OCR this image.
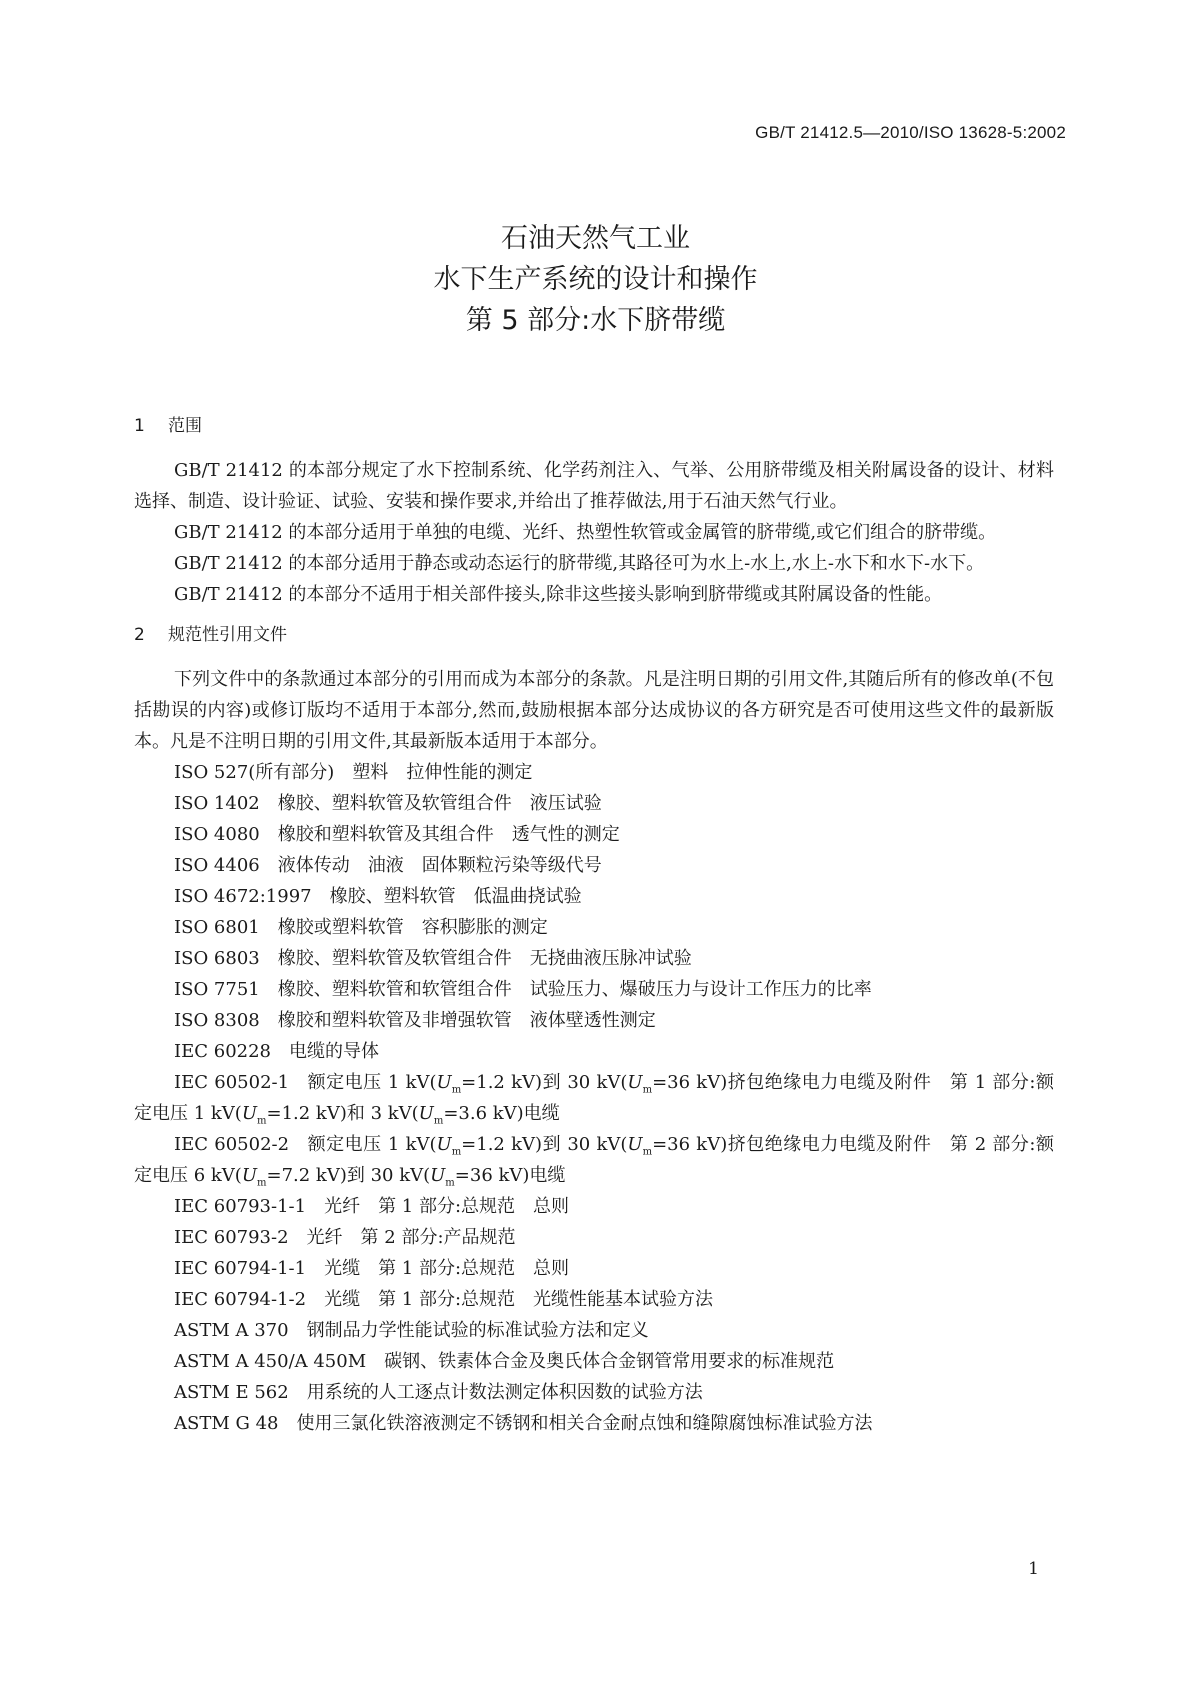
GB/T 21412.5—2010/ISO 13628-5:2002
石油天然气工业
水下生产系统的设计和操作
第 5 部分:水下脐带缆
1 范围

GB/T 21412 的本部分规定了水下控制系统、化学药剂注入、气举、公用脐带缆及相关附属设备的设计、材料选择、制造、设计验证、试验、安装和操作要求,并给出了推荐做法,用于石油天然气行业。

GB/T 21412 的本部分适用于单独的电缆、光纤、热塑性软管或金属管的脐带缆,或它们组合的脐带缆。

GB/T 21412 的本部分适用于静态或动态运行的脐带缆,其路径可为水上-水上,水上-水下和水下-水下。

GB/T 21412 的本部分不适用于相关部件接头,除非这些接头影响到脐带缆或其附属设备的性能。

2 规范性引用文件

下列文件中的条款通过本部分的引用而成为本部分的条款。凡是注明日期的引用文件,其随后所有的修改单(不包括勘误的内容)或修订版均不适用于本部分,然而,鼓励根据本部分达成协议的各方研究是否可使用这些文件的最新版本。凡是不注明日期的引用文件,其最新版本适用于本部分。

ISO 527(所有部分) 塑料　拉伸性能的测定
ISO 1402 橡胶、塑料软管及软管组合件　液压试验
ISO 4080 橡胶和塑料软管及其组合件　透气性的测定
ISO 4406 液体传动　油液　固体颗粒污染等级代号
ISO 4672:1997 橡胶、塑料软管　低温曲挠试验
ISO 6801 橡胶或塑料软管　容积膨胀的测定
ISO 6803 橡胶、塑料软管及软管组合件　无挠曲液压脉冲试验
ISO 7751 橡胶、塑料软管和软管组合件　试验压力、爆破压力与设计工作压力的比率
ISO 8308 橡胶和塑料软管及非增强软管　液体壁透性测定
IEC 60228 电缆的导体
IEC 60502-1 额定电压 1 $kV(U_m=1.2$ kV)到 30 $kV(U_m=36$ kV)挤包绝缘电力电缆及附件　第 1 部分:额定电压 1 $kV(U_m=1.2$ kV)和 3 $kV(U_m=3.6$ kV)电缆
IEC 60502-2 额定电压 1 $kV(U_m=1.2$ kV)到 30 $kV(U_m=36$ kV)挤包绝缘电力电缆及附件　第 2 部分:额定电压 6 $kV(U_m=7.2$ kV)到 30 $kV(U_m=36$ kV)电缆
IEC 60793-1-1 光纤　第 1 部分:总规范　总则
IEC 60793-2 光纤　第 2 部分:产品规范
IEC 60794-1-1 光缆　第 1 部分:总规范　总则
IEC 60794-1-2 光缆　第 1 部分:总规范　光缆性能基本试验方法
ASTM A 370 钢制品力学性能试验的标准试验方法和定义
ASTM A 450/A 450M 碳钢、铁素体合金及奥氏体合金钢管常用要求的标准规范
ASTM E 562 用系统的人工逐点计数法测定体积因数的试验方法
ASTM G 48 使用三氯化铁溶液测定不锈钢和相关合金耐点蚀和缝隙腐蚀标准试验方法
1
